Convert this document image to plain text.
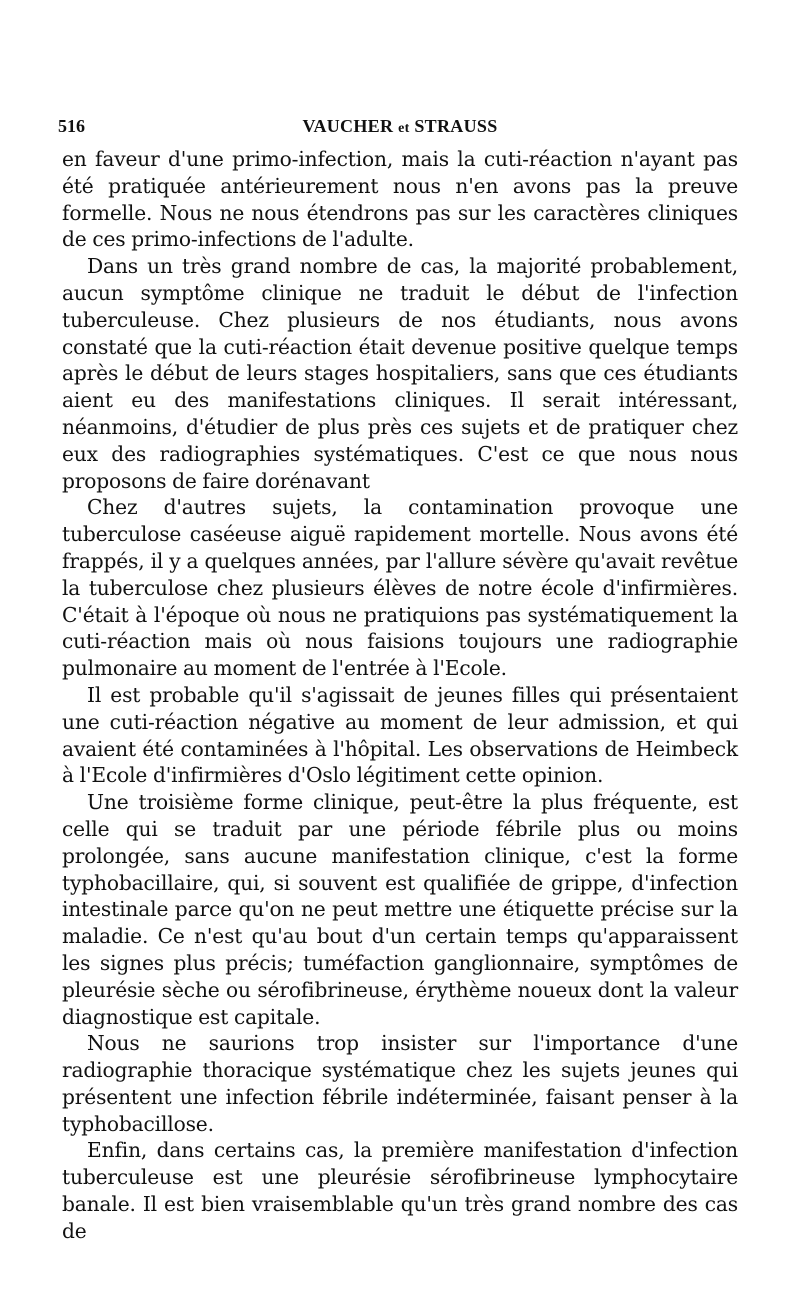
516	VAUCHER et STRAUSS

en faveur d'une primo-infection, mais la cuti-réaction n'ayant pas été pratiquée antérieurement nous n'en avons pas la preuve formelle. Nous ne nous étendrons pas sur les caractères cliniques de ces primo-infections de l'adulte.

Dans un très grand nombre de cas, la majorité probablement, aucun symptôme clinique ne traduit le début de l'infection tuberculeuse. Chez plusieurs de nos étudiants, nous avons constaté que la cuti-réaction était devenue positive quelque temps après le début de leurs stages hospitaliers, sans que ces étudiants aient eu des manifestations cliniques. Il serait intéressant, néanmoins, d'étudier de plus près ces sujets et de pratiquer chez eux des radiographies systématiques. C'est ce que nous nous proposons de faire dorénavant

Chez d'autres sujets, la contamination provoque une tuberculose caséeuse aiguë rapidement mortelle. Nous avons été frappés, il y a quelques années, par l'allure sévère qu'avait revêtue la tuberculose chez plusieurs élèves de notre école d'infirmières. C'était à l'époque où nous ne pratiquions pas systématiquement la cuti-réaction mais où nous faisions toujours une radiographie pulmonaire au moment de l'entrée à l'Ecole.

Il est probable qu'il s'agissait de jeunes filles qui présentaient une cuti-réaction négative au moment de leur admission, et qui avaient été contaminées à l'hôpital. Les observations de Heimbeck à l'Ecole d'infirmières d'Oslo légitiment cette opinion.

Une troisième forme clinique, peut-être la plus fréquente, est celle qui se traduit par une période fébrile plus ou moins prolongée, sans aucune manifestation clinique, c'est la forme typhobacillaire, qui, si souvent est qualifiée de grippe, d'infection intestinale parce qu'on ne peut mettre une étiquette précise sur la maladie. Ce n'est qu'au bout d'un certain temps qu'apparaissent les signes plus précis; tuméfaction ganglionnaire, symptômes de pleurésie sèche ou sérofibrineuse, érythème noueux dont la valeur diagnostique est capitale.

Nous ne saurions trop insister sur l'importance d'une radiographie thoracique systématique chez les sujets jeunes qui présentent une infection fébrile indéterminée, faisant penser à la typhobacillose.

Enfin, dans certains cas, la première manifestation d'infection tuberculeuse est une pleurésie sérofibrineuse lymphocytaire banale. Il est bien vraisemblable qu'un très grand nombre des cas de
